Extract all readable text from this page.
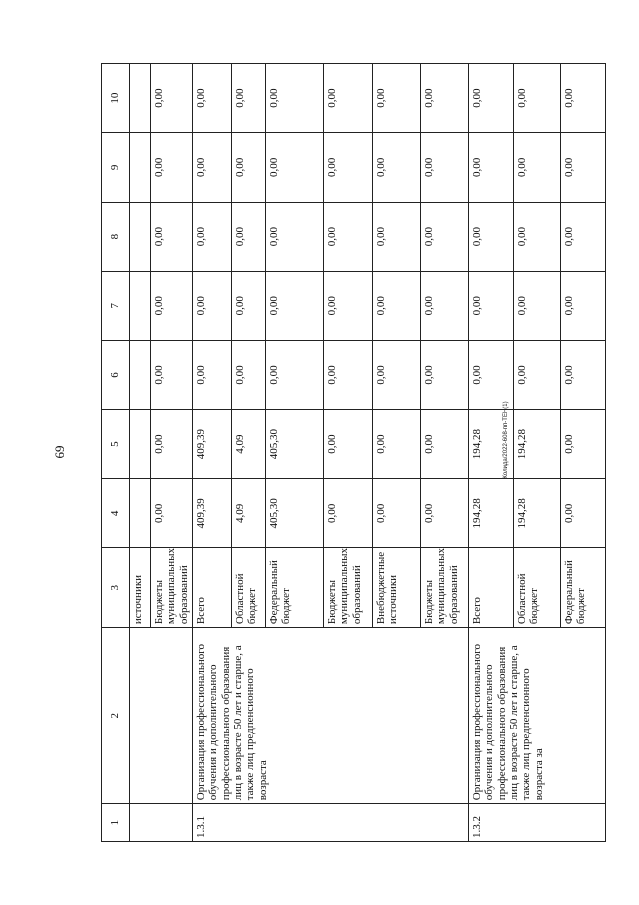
69	Колида/2022-608-пп-ТЕН(1)
1	2	3	4	5	6	7	8	9	10
		источники							
		Бюджеты муниципальных образований	0,00	0,00	0,00	0,00	0,00	0,00	0,00
1.3.1	Организация профессионального обучения и дополнительного профессионального образования лиц в возрасте 50 лет и старше, а также лиц предпенсионного возраста	Всего	409,39	409,39	0,00	0,00	0,00	0,00	0,00
		Областной бюджет	4,09	4,09	0,00	0,00	0,00	0,00	0,00
		Федеральный бюджет	405,30	405,30	0,00	0,00	0,00	0,00	0,00
		Бюджеты муниципальных образований	0,00	0,00	0,00	0,00	0,00	0,00	0,00
		Внебюджетные источники	0,00	0,00	0,00	0,00	0,00	0,00	0,00
		Бюджеты муниципальных образований	0,00	0,00	0,00	0,00	0,00	0,00	0,00
1.3.2	Организация профессионального обучения и дополнительного профессионального образования лиц в возрасте 50 лет и старше, а также лиц предпенсионного возраста за	Всего	194,28	194,28	0,00	0,00	0,00	0,00	0,00
		Областной бюджет	194,28	194,28	0,00	0,00	0,00	0,00	0,00
		Федеральный бюджет	0,00	0,00	0,00	0,00	0,00	0,00	0,00
